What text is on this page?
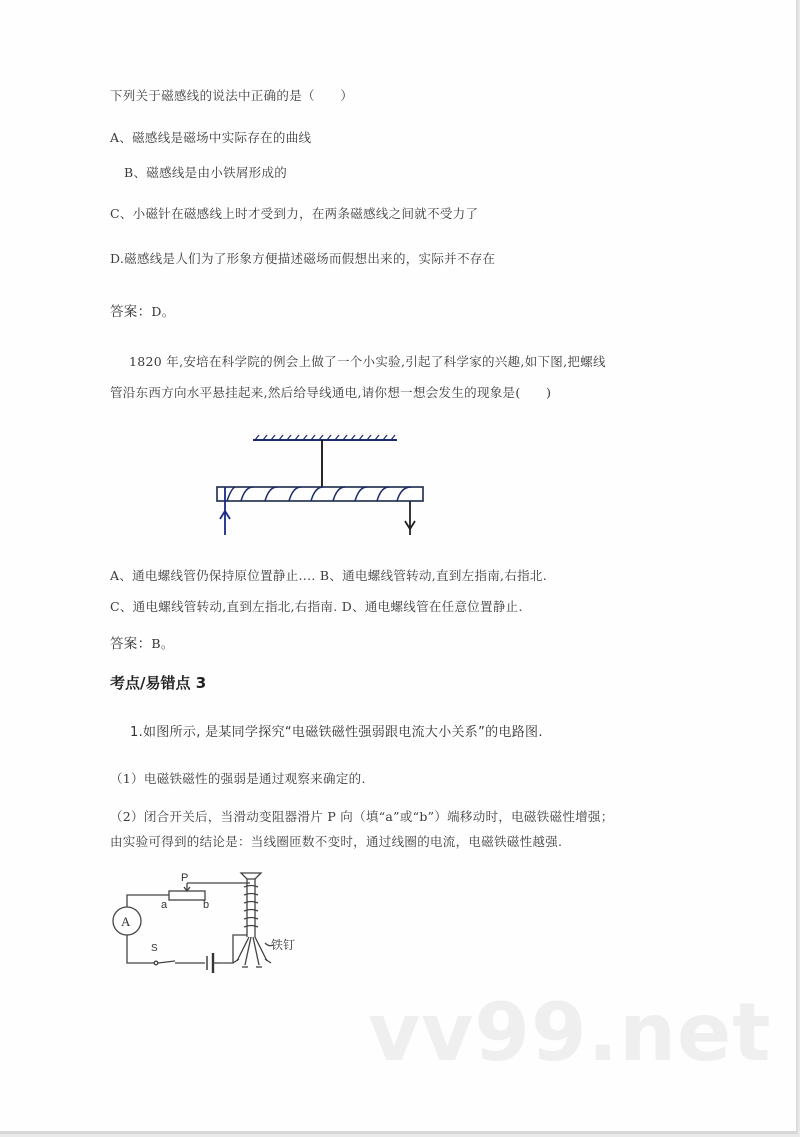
下列关于磁感线的说法中正确的是（　　）
A、磁感线是磁场中实际存在的曲线
B、磁感线是由小铁屑形成的
C、小磁针在磁感线上时才受到力，在两条磁感线之间就不受力了
D.磁感线是人们为了形象方便描述磁场而假想出来的，实际并不存在
答案：D。
1820 年,安培在科学院的例会上做了一个小实验,引起了科学家的兴趣,如下图,把螺线
管沿东西方向水平悬挂起来,然后给导线通电,请你想一想会发生的现象是(　　)
A、通电螺线管仍保持原位置静止.... B、通电螺线管转动,直到左指南,右指北.
C、通电螺线管转动,直到左指北,右指南. D、通电螺线管在任意位置静止.
答案：B。
考点/易错点 3
1.如图所示, 是某同学探究“电磁铁磁性强弱跟电流大小关系”的电路图.
（1）电磁铁磁性的强弱是通过观察来确定的.
（2）闭合开关后，当滑动变阻器滑片 P 向（填“a”或“b”）端移动时，电磁铁磁性增强；
由实验可得到的结论是：当线圈匝数不变时，通过线圈的电流，电磁铁磁性越强.
P
a	b
A
S	铁钉
vv99.net
